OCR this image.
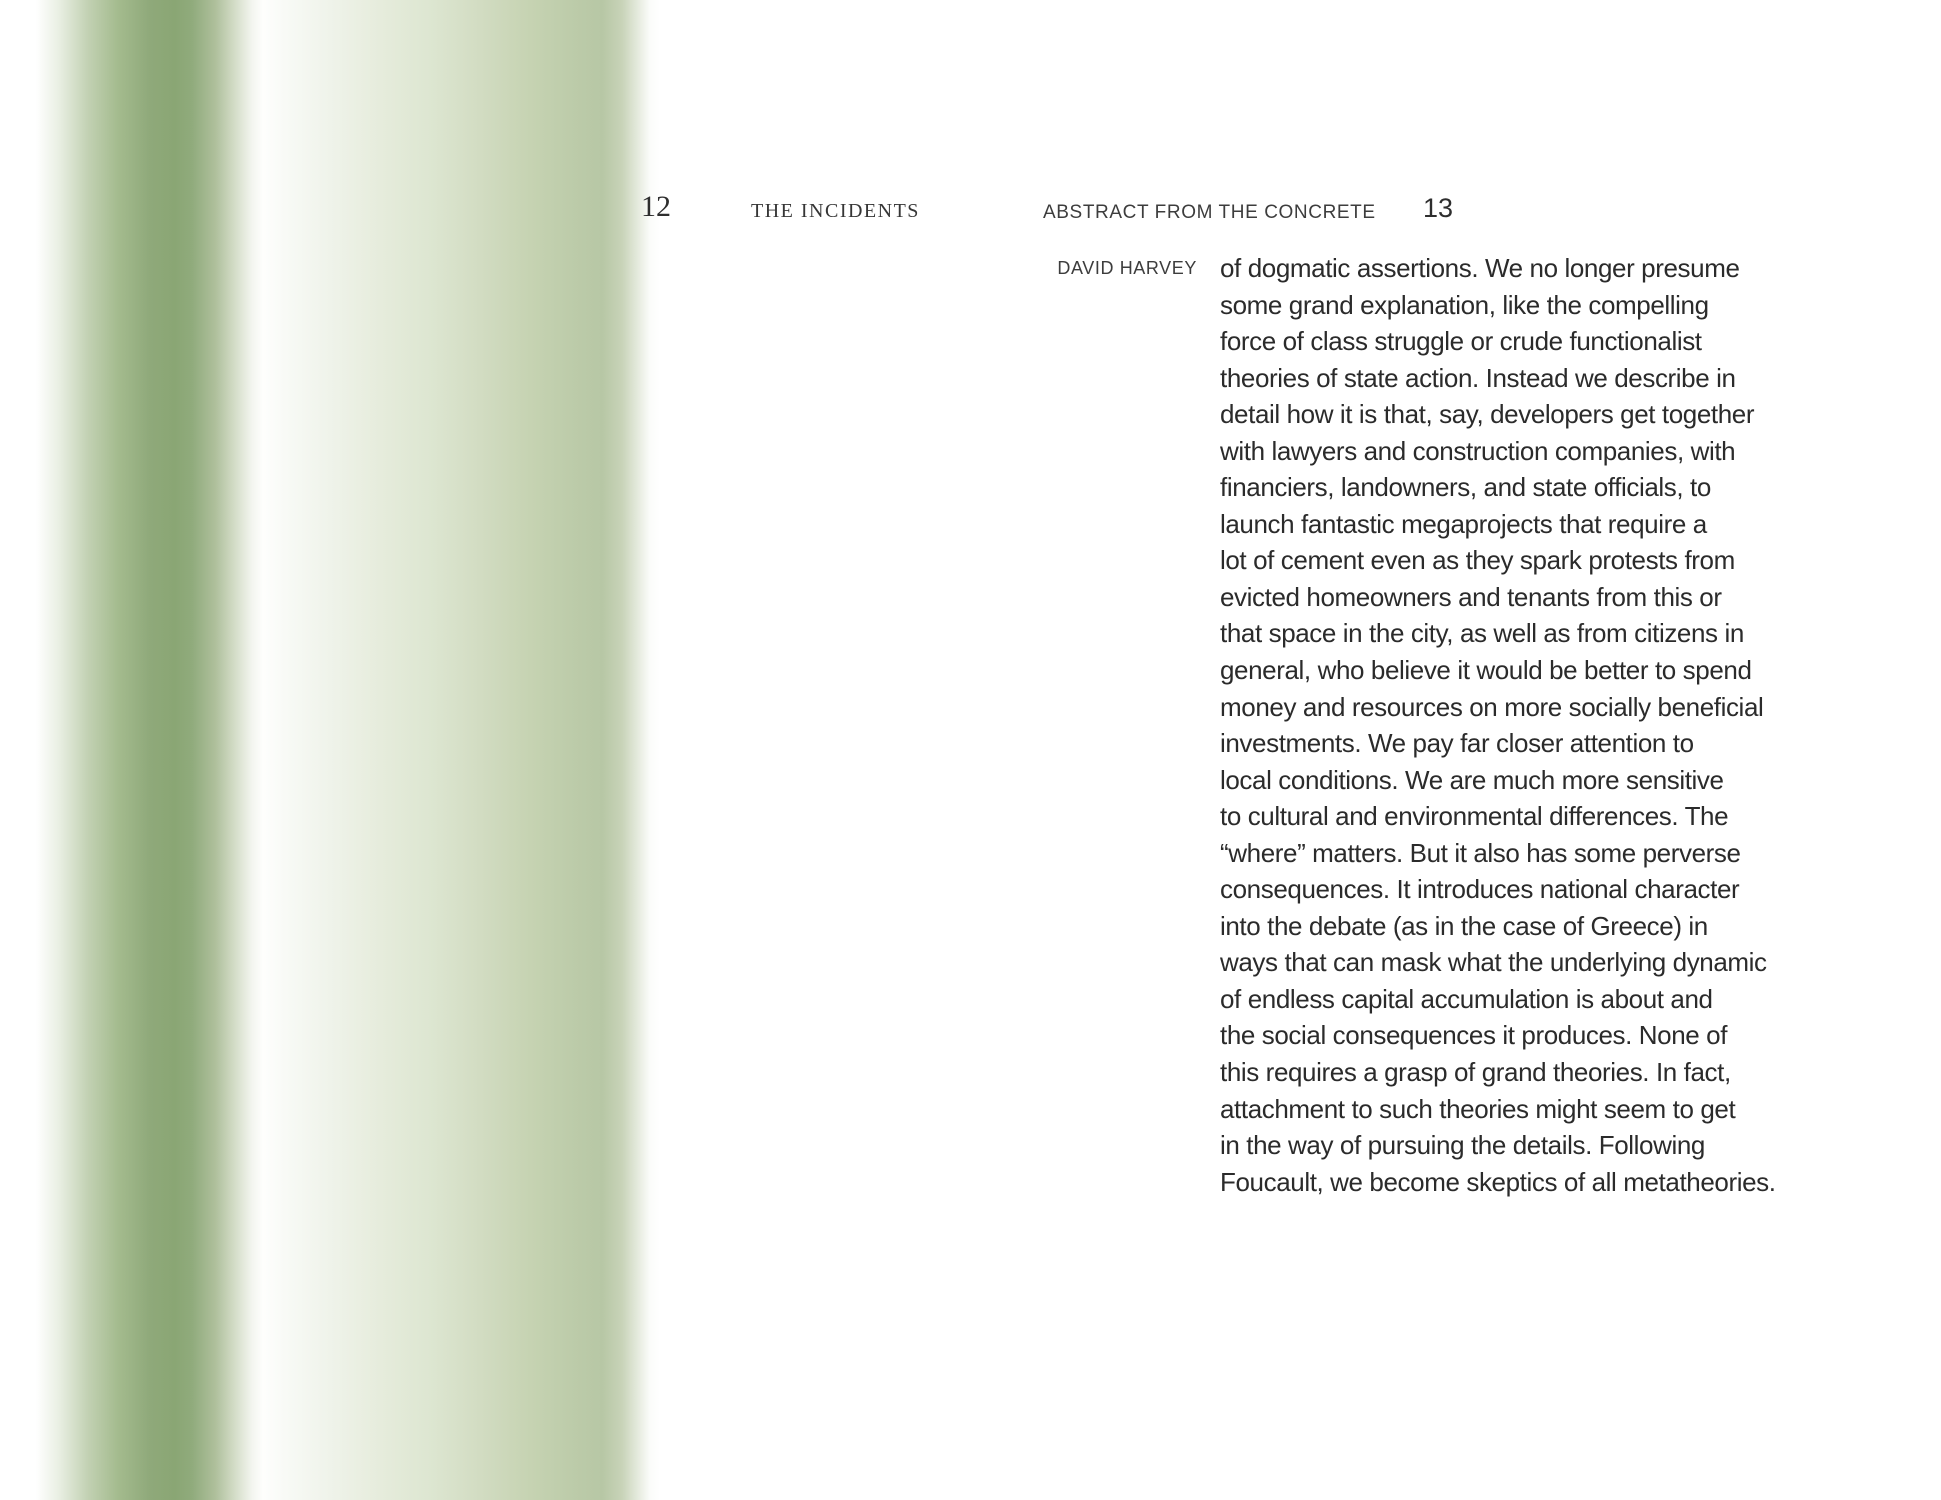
12	THE INCIDENTS	ABSTRACT FROM THE CONCRETE 13
DAVID HARVEY of dogmatic assertions. We no longer presume
some grand explanation, like the compelling
force of class struggle or crude functionalist
theories of state action. Instead we describe in
detail how it is that, say, developers get together
with lawyers and construction companies, with
financiers, landowners, and state officials, to
launch fantastic megaprojects that require a
lot of cement even as they spark protests from
evicted homeowners and tenants from this or
that space in the city, as well as from citizens in
general, who believe it would be better to spend
money and resources on more socially beneficial
investments. We pay far closer attention to
local conditions. We are much more sensitive
to cultural and environmental differences. The
“where” matters. But it also has some perverse
consequences. It introduces national character
into the debate (as in the case of Greece) in
ways that can mask what the underlying dynamic
of endless capital accumulation is about and
the social consequences it produces. None of
this requires a grasp of grand theories. In fact,
attachment to such theories might seem to get
in the way of pursuing the details. Following
Foucault, we become skeptics of all metatheories.
